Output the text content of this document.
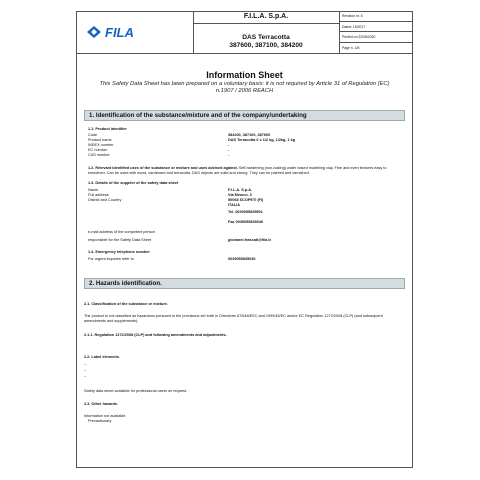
FILA
F.I.L.A. S.p.A.
DAS Terracotta
387600, 387100, 384200
Revision nr. 5
Dated: 15/2017
Printed on 22/06/2020
Page n. 1/8
Information Sheet
This Safety Data Sheet has been prepared on a voluntary basis: it is not required by Article 31 of Regulation (EC) n.1907 / 2006 REACH
1. Identification of the substance/mixture and of the company/undertaking
1.1. Product identifier
Code	384200, 387100, 387600
Product name	DAS Terracotta 0 x 1/2 kg, 1/2kg, 1 kg
INDEX number	-
EC number	-
CAS number	-
1.2. Relevant identified uses of the substance or mixture and uses advised against. Self-hardening (non-baking) water based modelling clay. Fine and even textures easy to smoothen. Can be used with wood, cardboard and terracotta. DAS objects are solid and strong. They can be painted and varnished.
1.3. Details of the supplier of the safety data sheet
Name	F.I.L.A. S.p.A.
Full address	Via Meucci, 3
District and Country	50068 SCOPETI (FI)
ITALIA
Tel. 0039055835501
Fax 0039055835040
e-mail address of the competent person
responsible for the Safety Data Sheet	giovanni.frascati@fila.it
1.4. Emergency telephone number
For urgent inquiries refer to	0039055835030
2. Hazards identification.
2.1. Classification of the substance or mixture.
The product is not classified as hazardous pursuant to the provisions set forth in Directives 67/548/EEC and 1999/45/EC and/or EC Regulation 1272/2008 (CLP) (and subsequent amendments and supplements).
2.1.1. Regulation 1272/2008 (CLP) and following amendments and adjustments.
2.2. Label elements.
--
--
--
Safety data sheet available for professional users on request.
2.3. Other hazards.
Information not available.
Precautionary
